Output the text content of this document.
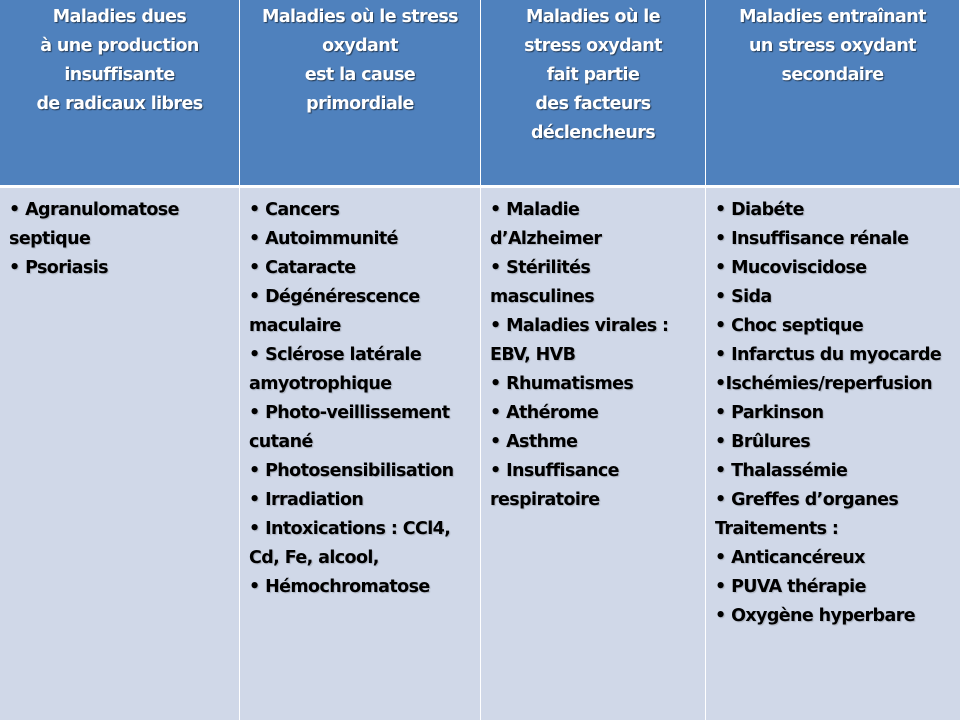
Maladies dues
à une production
insuffisante
de radicaux libres
Maladies où le stress
oxydant
est la cause
primordiale
Maladies où le
stress oxydant
fait partie
des facteurs
déclencheurs
Maladies entraînant
un stress oxydant
secondaire
• Agranulomatose
septique
• Psoriasis
• Cancers
• Autoimmunité
• Cataracte
• Dégénérescence
maculaire
• Sclérose latérale
amyotrophique
• Photo-veillissement
cutané
• Photosensibilisation
• Irradiation
• Intoxications : CCl4,
Cd, Fe, alcool,
• Hémochromatose
• Maladie
d’Alzheimer
• Stérilités
masculines
• Maladies virales :
EBV, HVB
• Rhumatismes
• Athérome
• Asthme
• Insuffisance
respiratoire
• Diabéte
• Insuffisance rénale
• Mucoviscidose
• Sida
• Choc septique
• Infarctus du myocarde
•Ischémies/reperfusion
• Parkinson
• Brûlures
• Thalassémie
• Greffes d’organes
Traitements :
• Anticancéreux
• PUVA thérapie
• Oxygène hyperbare
